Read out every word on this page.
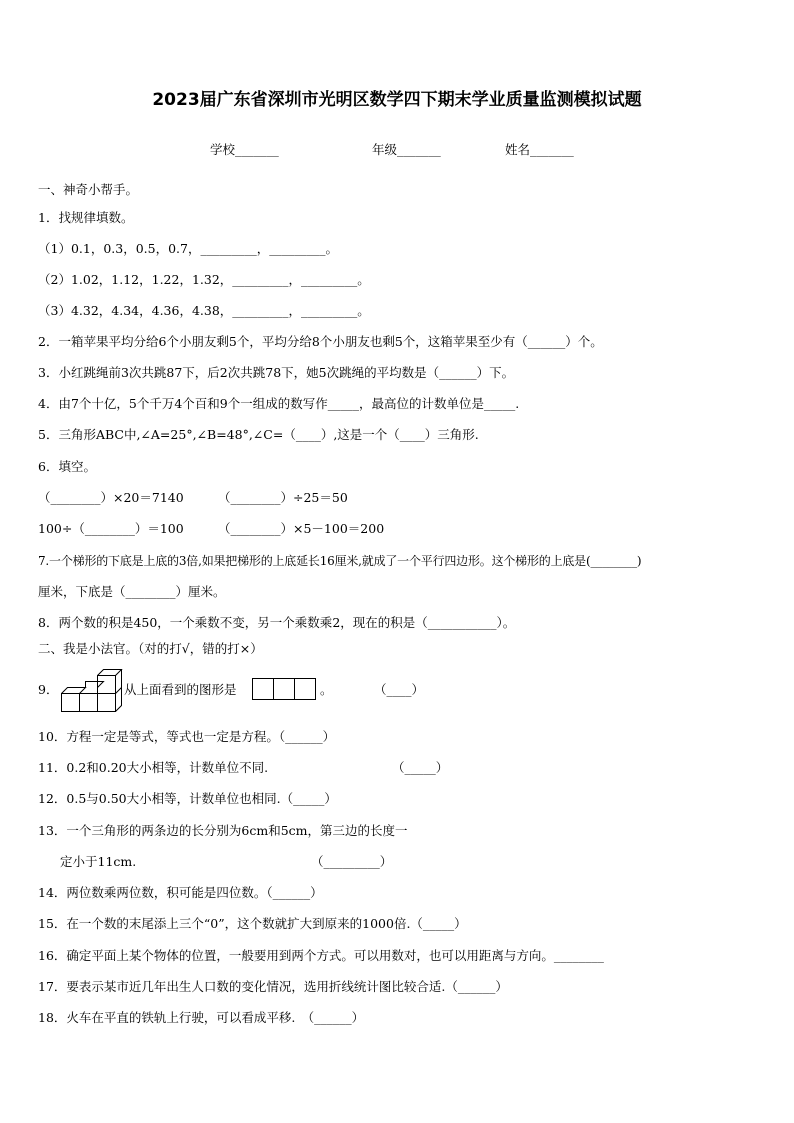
2023届广东省深圳市光明区数学四下期末学业质量监测模拟试题
学校_______	年级_______	姓名_______
一、神奇小帮手。
1．找规律填数。
（1）0.1，0.3，0.5，0.7，_________，_________。
（2）1.02，1.12，1.22，1.32，_________，_________。
（3）4.32，4.34，4.36，4.38，_________，_________。
2．一箱苹果平均分给6个小朋友剩5个，平均分给8个小朋友也剩5个，这箱苹果至少有（______）个。
3．小红跳绳前3次共跳87下，后2次共跳78下，她5次跳绳的平均数是（______）下。
4．由7个十亿，5个千万4个百和9个一组成的数写作_____，最高位的计数单位是_____.
5．三角形ABC中,∠A=25°,∠B=48°,∠C=（____）,这是一个（____）三角形.
6．填空。
（________）×20＝7140	（________）÷25＝50
100÷（________）＝100	（________）×5－100＝200
7.一个梯形的下底是上底的3倍,如果把梯形的上底延长16厘米,就成了一个平行四边形。这个梯形的上底是(________)
厘米，下底是（________）厘米。
8．两个数的积是450，一个乘数不变，另一个乘数乘2，现在的积是（___________）。
二、我是小法官。（对的打√，错的打×）
9．	从上面看到的图形是	。	（____）
10．方程一定是等式，等式也一定是方程。（______）
11．0.2和0.20大小相等，计数单位不同.	（_____）
12．0.5与0.50大小相等，计数单位也相同.（_____）
13．一个三角形的两条边的长分别为6cm和5cm，第三边的长度一
定小于11cm.	（_________）
14．两位数乘两位数，积可能是四位数。（______）
15．在一个数的末尾添上三个“0”，这个数就扩大到原来的1000倍.（_____）
16．确定平面上某个物体的位置，一般要用到两个方式。可以用数对，也可以用距离与方向。________
17．要表示某市近几年出生人口数的变化情况，选用折线统计图比较合适.（______）
18．火车在平直的铁轨上行驶，可以看成平移.　（______）
